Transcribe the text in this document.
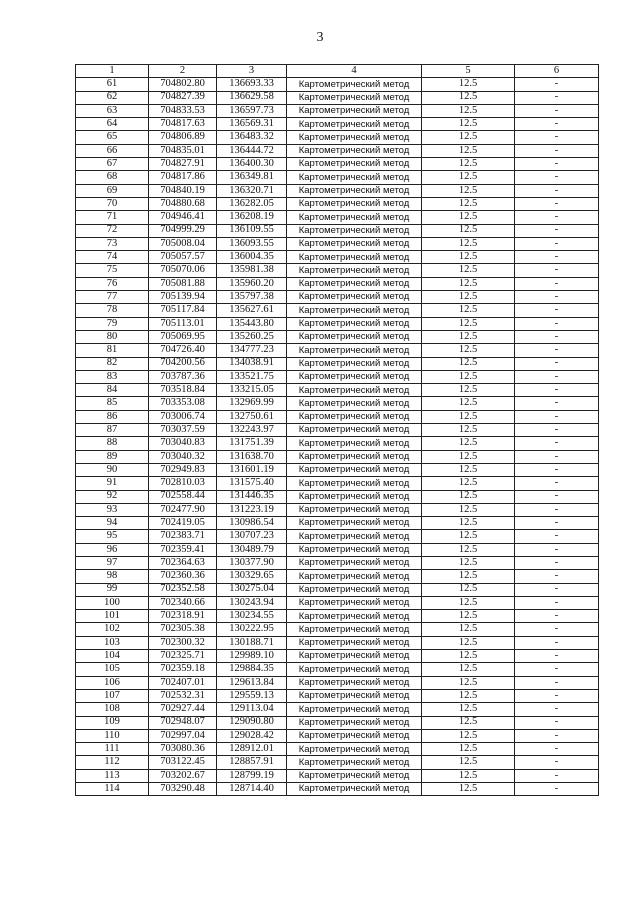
3
1	2	3	4	5	6
61	704802.80	136693.33	Картометрический метод	12.5	-
62	704827.39	136629.58	Картометрический метод	12.5	-
63	704833.53	136597.73	Картометрический метод	12.5	-
64	704817.63	136569.31	Картометрический метод	12.5	-
65	704806.89	136483.32	Картометрический метод	12.5	-
66	704835.01	136444.72	Картометрический метод	12.5	-
67	704827.91	136400.30	Картометрический метод	12.5	-
68	704817.86	136349.81	Картометрический метод	12.5	-
69	704840.19	136320.71	Картометрический метод	12.5	-
70	704880.68	136282.05	Картометрический метод	12.5	-
71	704946.41	136208.19	Картометрический метод	12.5	-
72	704999.29	136109.55	Картометрический метод	12.5	-
73	705008.04	136093.55	Картометрический метод	12.5	-
74	705057.57	136004.35	Картометрический метод	12.5	-
75	705070.06	135981.38	Картометрический метод	12.5	-
76	705081.88	135960.20	Картометрический метод	12.5	-
77	705139.94	135797.38	Картометрический метод	12.5	-
78	705117.84	135627.61	Картометрический метод	12.5	-
79	705113.01	135443.80	Картометрический метод	12.5	-
80	705069.95	135260.25	Картометрический метод	12.5	-
81	704726.40	134777.23	Картометрический метод	12.5	-
82	704200.56	134038.91	Картометрический метод	12.5	-
83	703787.36	133521.75	Картометрический метод	12.5	-
84	703518.84	133215.05	Картометрический метод	12.5	-
85	703353.08	132969.99	Картометрический метод	12.5	-
86	703006.74	132750.61	Картометрический метод	12.5	-
87	703037.59	132243.97	Картометрический метод	12.5	-
88	703040.83	131751.39	Картометрический метод	12.5	-
89	703040.32	131638.70	Картометрический метод	12.5	-
90	702949.83	131601.19	Картометрический метод	12.5	-
91	702810.03	131575.40	Картометрический метод	12.5	-
92	702558.44	131446.35	Картометрический метод	12.5	-
93	702477.90	131223.19	Картометрический метод	12.5	-
94	702419.05	130986.54	Картометрический метод	12.5	-
95	702383.71	130707.23	Картометрический метод	12.5	-
96	702359.41	130489.79	Картометрический метод	12.5	-
97	702364.63	130377.90	Картометрический метод	12.5	-
98	702360.36	130329.65	Картометрический метод	12.5	-
99	702352.58	130275.04	Картометрический метод	12.5	-
100	702340.66	130243.94	Картометрический метод	12.5	-
101	702318.91	130234.55	Картометрический метод	12.5	-
102	702305.38	130222.95	Картометрический метод	12.5	-
103	702300.32	130188.71	Картометрический метод	12.5	-
104	702325.71	129989.10	Картометрический метод	12.5	-
105	702359.18	129884.35	Картометрический метод	12.5	-
106	702407.01	129613.84	Картометрический метод	12.5	-
107	702532.31	129559.13	Картометрический метод	12.5	-
108	702927.44	129113.04	Картометрический метод	12.5	-
109	702948.07	129090.80	Картометрический метод	12.5	-
110	702997.04	129028.42	Картометрический метод	12.5	-
111	703080.36	128912.01	Картометрический метод	12.5	-
112	703122.45	128857.91	Картометрический метод	12.5	-
113	703202.67	128799.19	Картометрический метод	12.5	-
114	703290.48	128714.40	Картометрический метод	12.5	-
